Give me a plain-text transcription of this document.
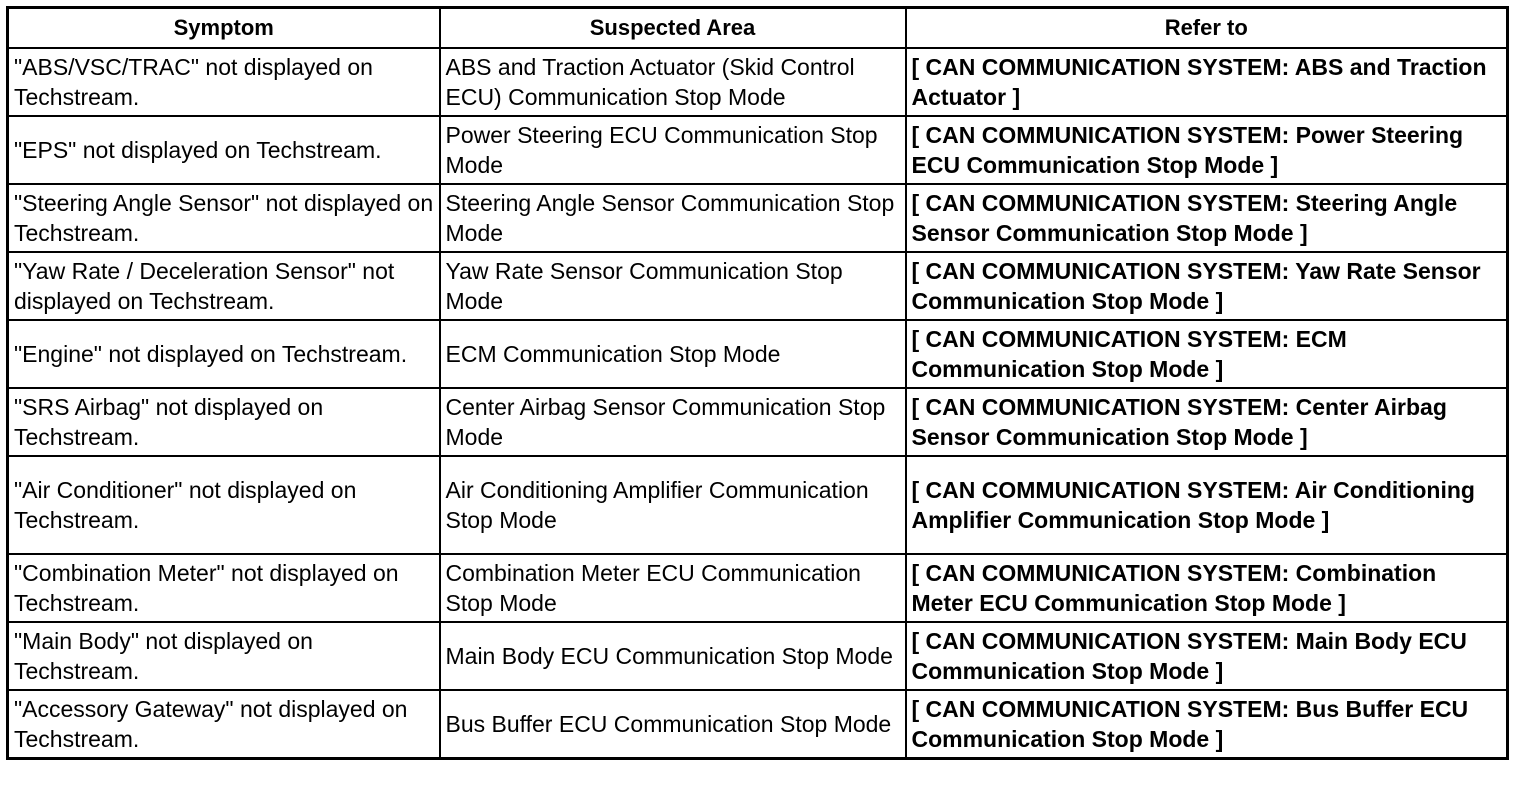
Symptom	Suspected Area	Refer to
"ABS/VSC/TRAC" not displayed on Techstream.	ABS and Traction Actuator (Skid Control ECU) Communication Stop Mode	[ CAN COMMUNICATION SYSTEM: ABS and Traction Actuator ]
"EPS" not displayed on Techstream.	Power Steering ECU Communication Stop Mode	[ CAN COMMUNICATION SYSTEM: Power Steering ECU Communication Stop Mode ]
"Steering Angle Sensor" not displayed on Techstream.	Steering Angle Sensor Communication Stop Mode	[ CAN COMMUNICATION SYSTEM: Steering Angle Sensor Communication Stop Mode ]
"Yaw Rate / Deceleration Sensor" not displayed on Techstream.	Yaw Rate Sensor Communication Stop Mode	[ CAN COMMUNICATION SYSTEM: Yaw Rate Sensor Communication Stop Mode ]
"Engine" not displayed on Techstream.	ECM Communication Stop Mode	[ CAN COMMUNICATION SYSTEM: ECM Communication Stop Mode ]
"SRS Airbag" not displayed on Techstream.	Center Airbag Sensor Communication Stop Mode	[ CAN COMMUNICATION SYSTEM: Center Airbag Sensor Communication Stop Mode ]
"Air Conditioner" not displayed on Techstream.	Air Conditioning Amplifier Communication Stop Mode	[ CAN COMMUNICATION SYSTEM: Air Conditioning Amplifier Communication Stop Mode ]
"Combination Meter" not displayed on Techstream.	Combination Meter ECU Communication Stop Mode	[ CAN COMMUNICATION SYSTEM: Combination Meter ECU Communication Stop Mode ]
"Main Body" not displayed on Techstream.	Main Body ECU Communication Stop Mode	[ CAN COMMUNICATION SYSTEM: Main Body ECU Communication Stop Mode ]
"Accessory Gateway" not displayed on Techstream.	Bus Buffer ECU Communication Stop Mode	[ CAN COMMUNICATION SYSTEM: Bus Buffer ECU Communication Stop Mode ]
